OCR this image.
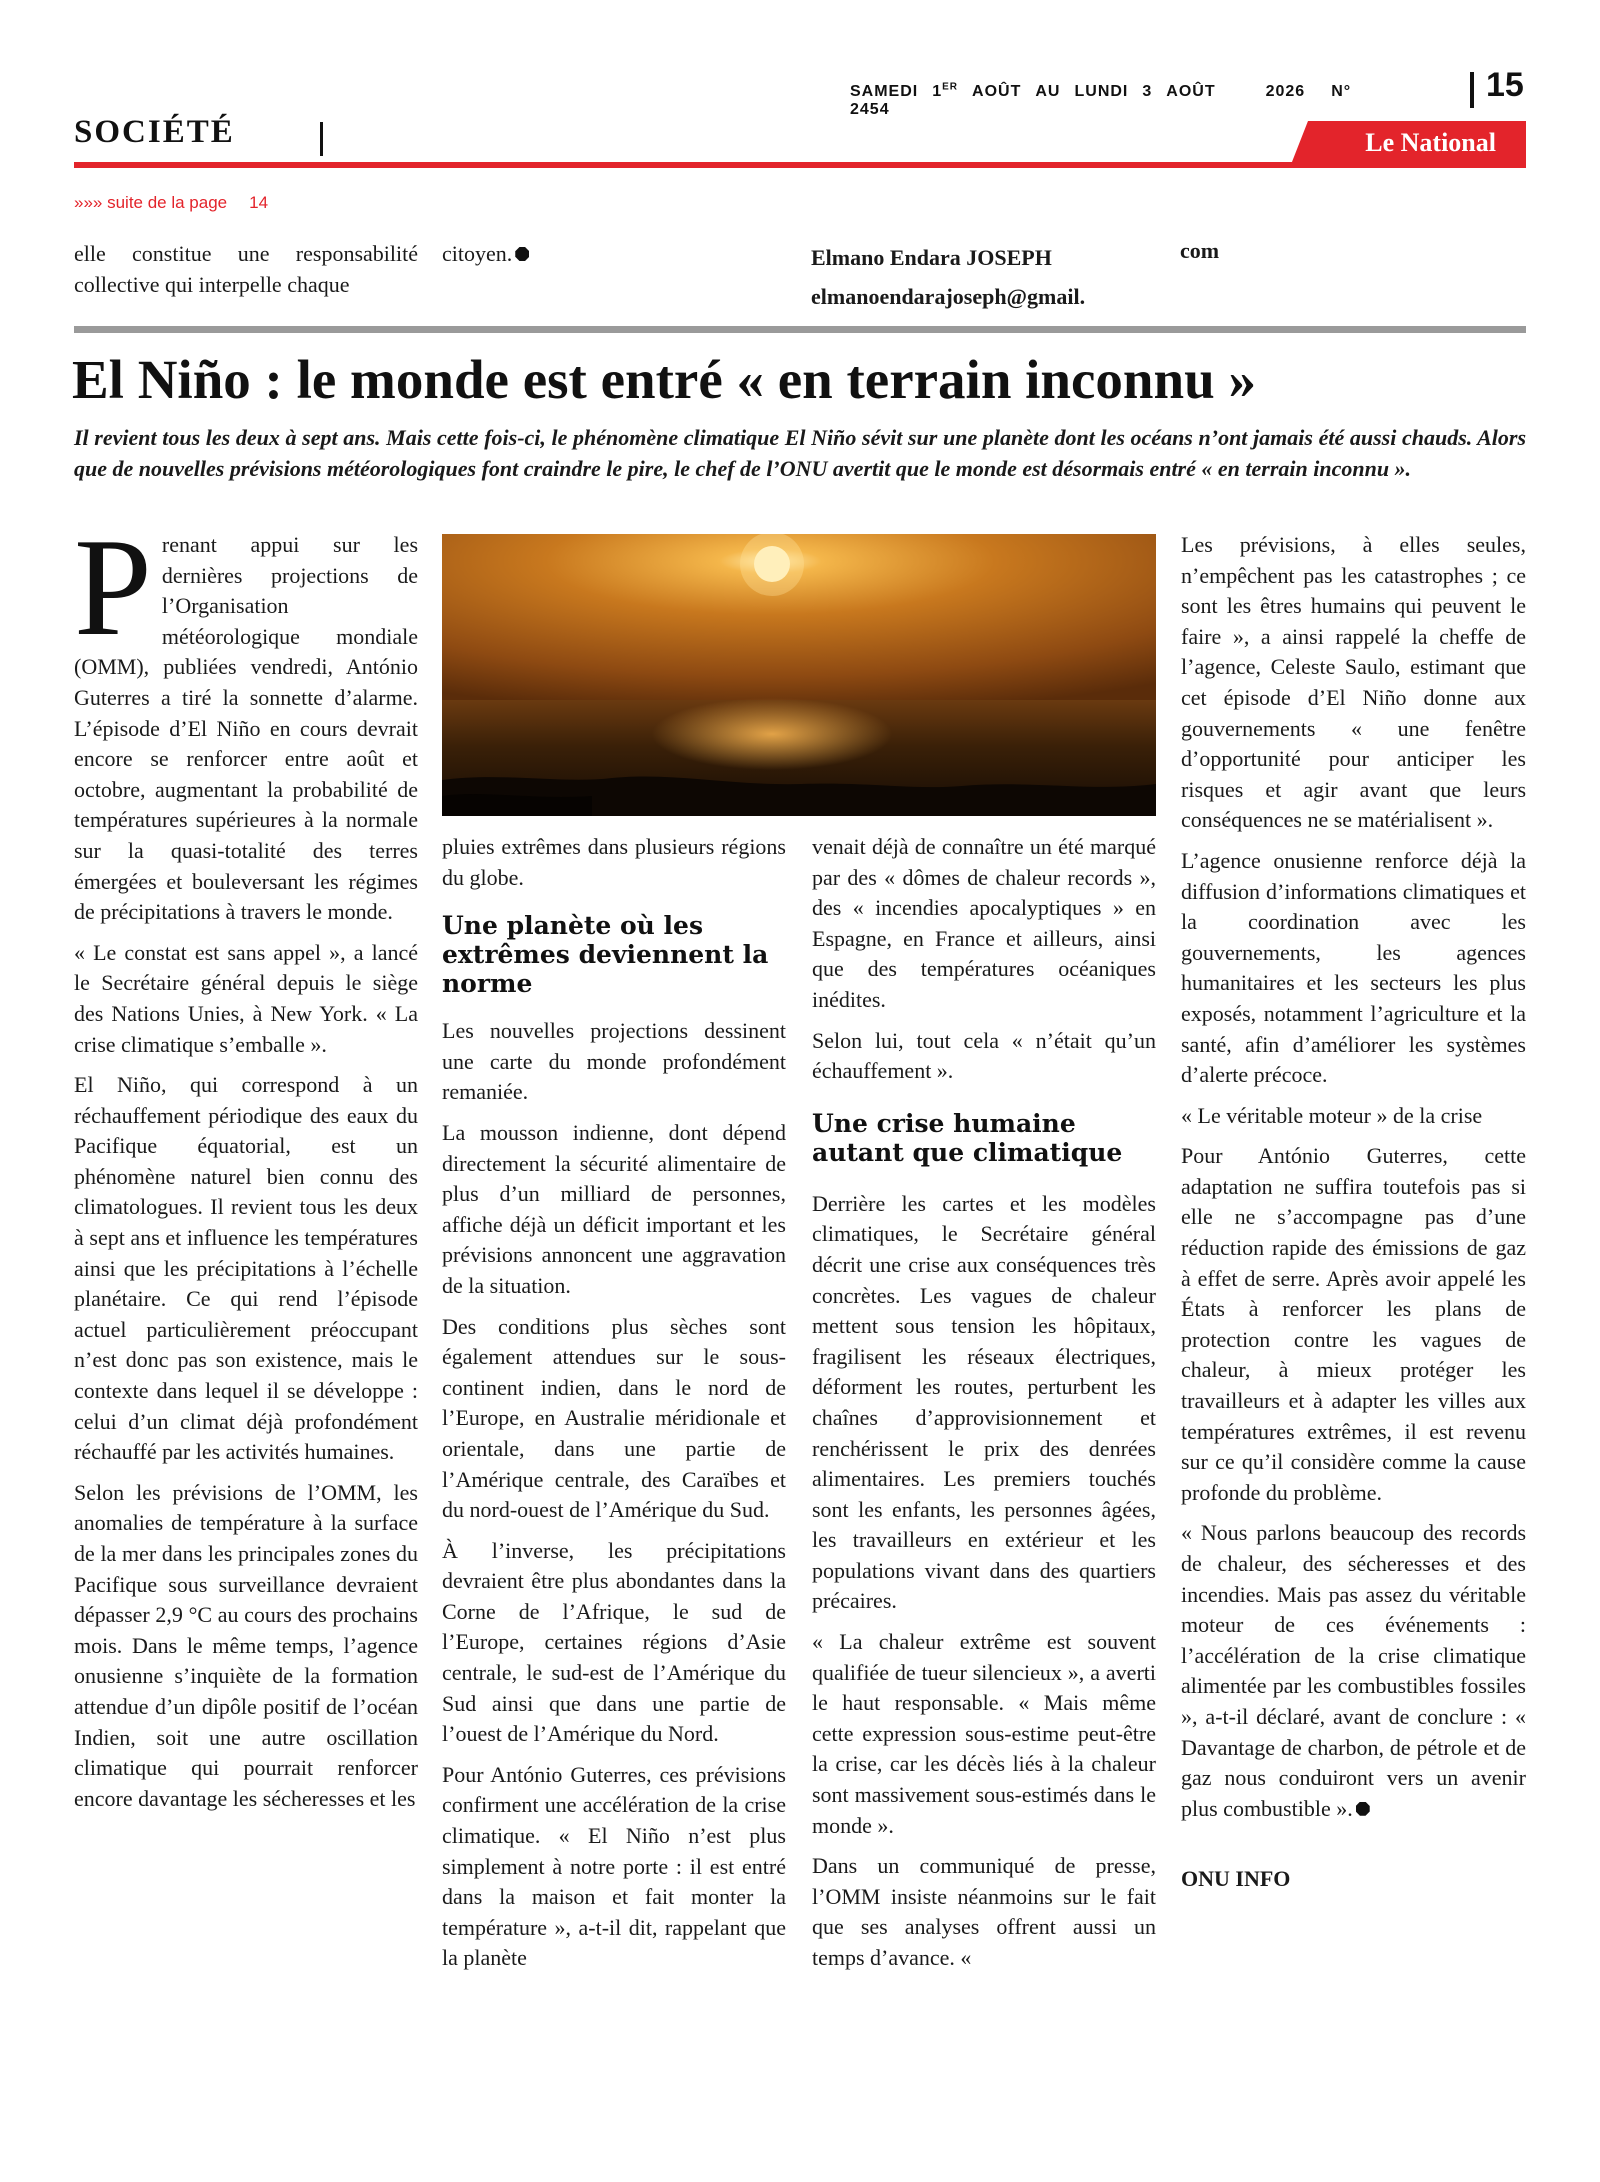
SAMEDI 1ER AOÛT AU LUNDI 3 AOÛT	2026 N° 2454
15
SOCIÉTÉ	Le National
»»» suite de la page 14
elle constitue une responsabilité collective qui interpelle chaque
citoyen.	Elmano Endara JOSEPH
elmanoendarajoseph@gmail.
com
El Niño : le monde est entré « en terrain inconnu »
Il revient tous les deux à sept ans. Mais cette fois-ci, le phénomène climatique El Niño sévit sur une planète dont les océans n’ont jamais été aussi chauds. Alors que de nouvelles prévisions météorologiques font craindre le pire, le chef de l’ONU avertit que le monde est désormais entré « en terrain inconnu ».

Prenant appui sur les dernières projections de l’Organisation météorologique mondiale (OMM), publiées vendredi, António Guterres a tiré la sonnette d’alarme. L’épisode d’El Niño en cours devrait encore se renforcer entre août et octobre, augmentant la probabilité de températures supérieures à la normale sur la quasi-totalité des terres émergées et bouleversant les régimes de précipitations à travers le monde.

« Le constat est sans appel », a lancé le Secrétaire général depuis le siège des Nations Unies, à New York. « La crise climatique s’emballe ».

El Niño, qui correspond à un réchauffement périodique des eaux du Pacifique équatorial, est un phénomène naturel bien connu des climatologues. Il revient tous les deux à sept ans et influence les températures ainsi que les précipitations à l’échelle planétaire. Ce qui rend l’épisode actuel particulièrement préoccupant n’est donc pas son existence, mais le contexte dans lequel il se développe : celui d’un climat déjà profondément réchauffé par les activités humaines.

Selon les prévisions de l’OMM, les anomalies de température à la surface de la mer dans les principales zones du Pacifique sous surveillance devraient dépasser 2,9 °C au cours des prochains mois. Dans le même temps, l’agence onusienne s’inquiète de la formation attendue d’un dipôle positif de l’océan Indien, soit une autre oscillation climatique qui pourrait renforcer encore davantage les sécheresses et les

pluies extrêmes dans plusieurs régions du globe.

Une planète où les extrêmes deviennent la norme

Les nouvelles projections dessinent une carte du monde profondément remaniée.

La mousson indienne, dont dépend directement la sécurité alimentaire de plus d’un milliard de personnes, affiche déjà un déficit important et les prévisions annoncent une aggravation de la situation.

Des conditions plus sèches sont également attendues sur le sous-continent indien, dans le nord de l’Europe, en Australie méridionale et orientale, dans une partie de l’Amérique centrale, des Caraïbes et du nord-ouest de l’Amérique du Sud.

À l’inverse, les précipitations devraient être plus abondantes dans la Corne de l’Afrique, le sud de l’Europe, certaines régions d’Asie centrale, le sud-est de l’Amérique du Sud ainsi que dans une partie de l’ouest de l’Amérique du Nord.

Pour António Guterres, ces prévisions confirment une accélération de la crise climatique. « El Niño n’est plus simplement à notre porte : il est entré dans la maison et fait monter la température », a-t-il dit, rappelant que la planète

venait déjà de connaître un été marqué par des « dômes de chaleur records », des « incendies apocalyptiques » en Espagne, en France et ailleurs, ainsi que des températures océaniques inédites.

Selon lui, tout cela « n’était qu’un échauffement ».

Une crise humaine autant que climatique

Derrière les cartes et les modèles climatiques, le Secrétaire général décrit une crise aux conséquences très concrètes. Les vagues de chaleur mettent sous tension les hôpitaux, fragilisent les réseaux électriques, déforment les routes, perturbent les chaînes d’approvisionnement et renchérissent le prix des denrées alimentaires. Les premiers touchés sont les enfants, les personnes âgées, les travailleurs en extérieur et les populations vivant dans des quartiers précaires.

« La chaleur extrême est souvent qualifiée de tueur silencieux », a averti le haut responsable. « Mais même cette expression sous-estime peut-être la crise, car les décès liés à la chaleur sont massivement sous-estimés dans le monde ».

Dans un communiqué de presse, l’OMM insiste néanmoins sur le fait que ses analyses offrent aussi un temps d’avance. «

Les prévisions, à elles seules, n’empêchent pas les catastrophes ; ce sont les êtres humains qui peuvent le faire », a ainsi rappelé la cheffe de l’agence, Celeste Saulo, estimant que cet épisode d’El Niño donne aux gouvernements « une fenêtre d’opportunité pour anticiper les risques et agir avant que leurs conséquences ne se matérialisent ».

L’agence onusienne renforce déjà la diffusion d’informations climatiques et la coordination avec les gouvernements, les agences humanitaires et les secteurs les plus exposés, notamment l’agriculture et la santé, afin d’améliorer les systèmes d’alerte précoce.

« Le véritable moteur » de la crise

Pour António Guterres, cette adaptation ne suffira toutefois pas si elle ne s’accompagne pas d’une réduction rapide des émissions de gaz à effet de serre. Après avoir appelé les États à renforcer les plans de protection contre les vagues de chaleur, à mieux protéger les travailleurs et à adapter les villes aux températures extrêmes, il est revenu sur ce qu’il considère comme la cause profonde du problème.

« Nous parlons beaucoup des records de chaleur, des sécheresses et des incendies. Mais pas assez du véritable moteur de ces événements : l’accélération de la crise climatique alimentée par les combustibles fossiles », a-t-il déclaré, avant de conclure : « Davantage de charbon, de pétrole et de gaz nous conduiront vers un avenir plus combustible ».

ONU INFO
